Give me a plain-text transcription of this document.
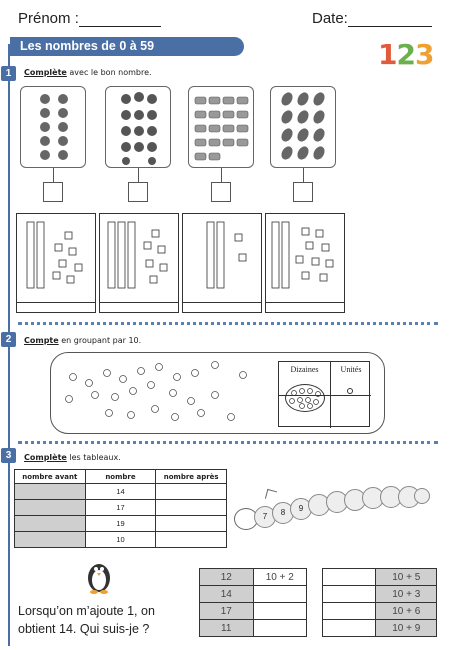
Prénom :	Date:
Les nombres de 0 à 59	123
1	Complète avec le bon nombre.
2	Compte en groupant par 10.
Dizaines	Unités
3	Complète les tableaux.
nombre avant	nombre	nombre après
	14	
	17	
	19	
	10	
7	8	9
Lorsqu’on m’ajoute 1, on
obtient 14. Qui suis-je ?
12	10 + 2
14	
17	
11	
	10 + 5
	10 + 3
	10 + 6
	10 + 9
